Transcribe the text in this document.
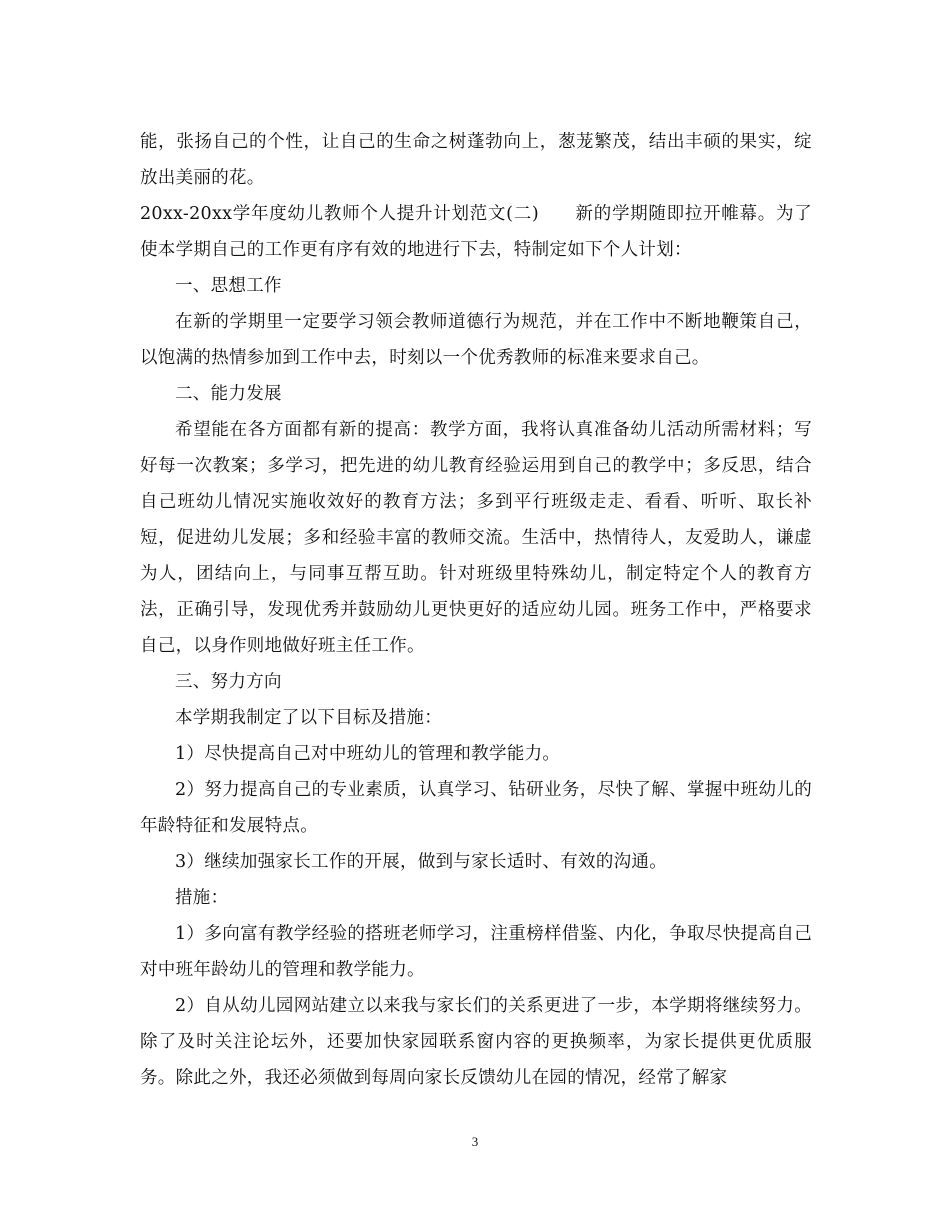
能，张扬自己的个性，让自己的生命之树蓬勃向上，葱茏繁茂，结出丰硕的果实，绽放出美丽的花。

20xx-20xx学年度幼儿教师个人提升计划范文(二) 新的学期随即拉开帷幕。为了使本学期自己的工作更有序有效的地进行下去，特制定如下个人计划：

一、思想工作

在新的学期里一定要学习领会教师道德行为规范，并在工作中不断地鞭策自己，以饱满的热情参加到工作中去，时刻以一个优秀教师的标准来要求自己。

二、能力发展

希望能在各方面都有新的提高：教学方面，我将认真准备幼儿活动所需材料；写好每一次教案；多学习，把先进的幼儿教育经验运用到自己的教学中；多反思，结合自己班幼儿情况实施收效好的教育方法；多到平行班级走走、看看、听听、取长补短，促进幼儿发展；多和经验丰富的教师交流。生活中，热情待人，友爱助人，谦虚为人，团结向上，与同事互帮互助。针对班级里特殊幼儿，制定特定个人的教育方法，正确引导，发现优秀并鼓励幼儿更快更好的适应幼儿园。班务工作中，严格要求自己，以身作则地做好班主任工作。

三、努力方向

本学期我制定了以下目标及措施：

1）尽快提高自己对中班幼儿的管理和教学能力。

2）努力提高自己的专业素质，认真学习、钻研业务，尽快了解、掌握中班幼儿的年龄特征和发展特点。

3）继续加强家长工作的开展，做到与家长适时、有效的沟通。

措施：

1）多向富有教学经验的搭班老师学习，注重榜样借鉴、内化，争取尽快提高自己对中班年龄幼儿的管理和教学能力。

2）自从幼儿园网站建立以来我与家长们的关系更进了一步，本学期将继续努力。除了及时关注论坛外，还要加快家园联系窗内容的更换频率，为家长提供更优质服务。除此之外，我还必须做到每周向家长反馈幼儿在园的情况，经常了解家

3
